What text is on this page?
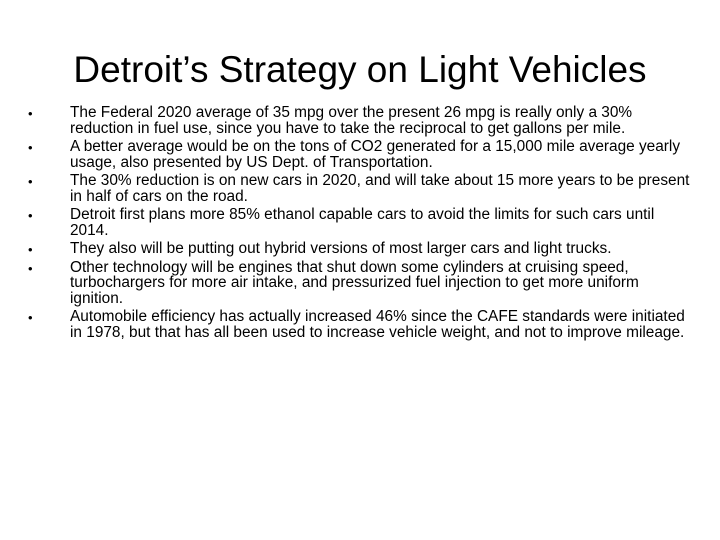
Detroit’s Strategy on Light Vehicles
• The Federal 2020 average of 35 mpg over the present 26 mpg is really only a 30% reduction in fuel use, since you have to take the reciprocal to get gallons per mile.
• A better average would be on the tons of CO2 generated for a 15,000 mile average yearly usage, also presented by US Dept. of Transportation.
• The 30% reduction is on new cars in 2020, and will take about 15 more years to be present in half of cars on the road.
• Detroit first plans more 85% ethanol capable cars to avoid the limits for such cars until 2014.
• They also will be putting out hybrid versions of most larger cars and light trucks.
• Other technology will be engines that shut down some cylinders at cruising speed, turbochargers for more air intake, and pressurized fuel injection to get more uniform ignition.
• Automobile efficiency has actually increased 46% since the CAFE standards were initiated in 1978, but that has all been used to increase vehicle weight, and not to improve mileage.
